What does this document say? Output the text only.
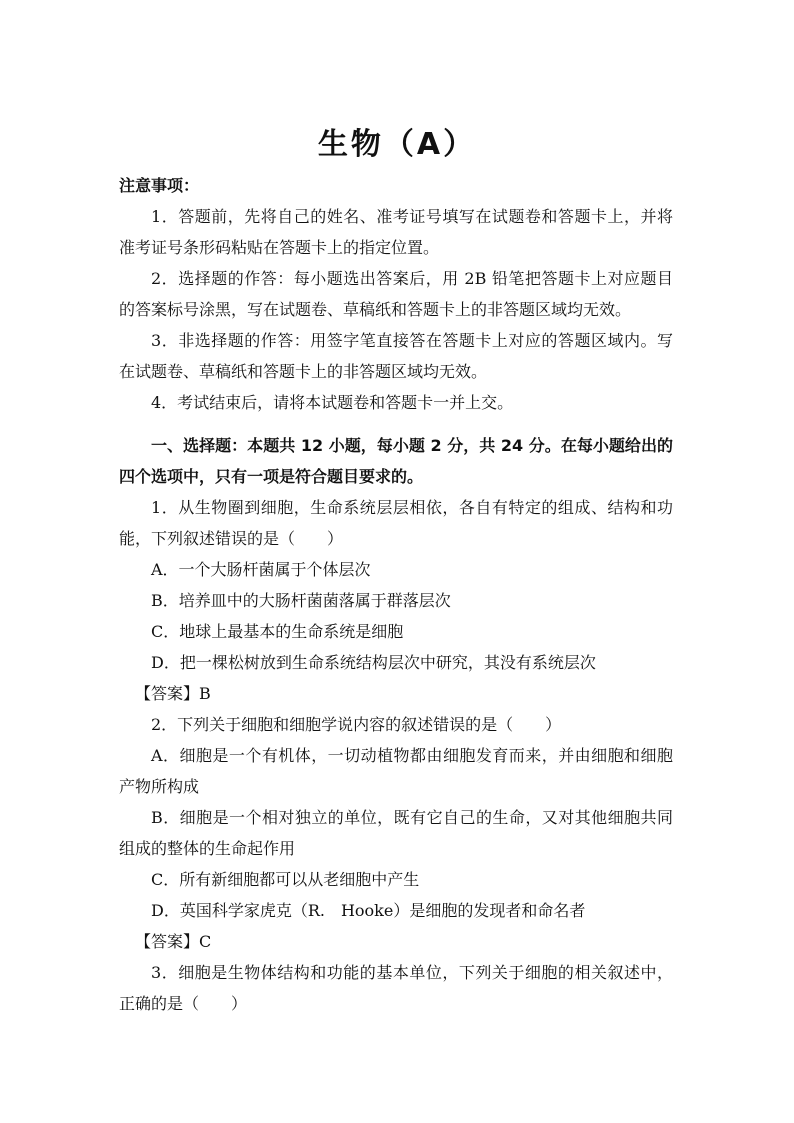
生物（A）

注意事项：

1．答题前，先将自己的姓名、准考证号填写在试题卷和答题卡上，并将准考证号条形码粘贴在答题卡上的指定位置。

2．选择题的作答：每小题选出答案后，用 2B 铅笔把答题卡上对应题目的答案标号涂黑，写在试题卷、草稿纸和答题卡上的非答题区域均无效。

3．非选择题的作答：用签字笔直接答在答题卡上对应的答题区域内。写在试题卷、草稿纸和答题卡上的非答题区域均无效。

4．考试结束后，请将本试题卷和答题卡一并上交。

一、选择题：本题共 12 小题，每小题 2 分，共 24 分。在每小题给出的四个选项中，只有一项是符合题目要求的。

1．从生物圈到细胞，生命系统层层相依，各自有特定的组成、结构和功能，下列叙述错误的是（　　）

A．一个大肠杆菌属于个体层次

B．培养皿中的大肠杆菌菌落属于群落层次

C．地球上最基本的生命系统是细胞

D．把一棵松树放到生命系统结构层次中研究，其没有系统层次

【答案】B

2．下列关于细胞和细胞学说内容的叙述错误的是（　　）

A．细胞是一个有机体，一切动植物都由细胞发育而来，并由细胞和细胞产物所构成

B．细胞是一个相对独立的单位，既有它自己的生命，又对其他细胞共同组成的整体的生命起作用

C．所有新细胞都可以从老细胞中产生

D．英国科学家虎克（R.　Hooke）是细胞的发现者和命名者

【答案】C

3．细胞是生物体结构和功能的基本单位，下列关于细胞的相关叙述中，正确的是（　　）
